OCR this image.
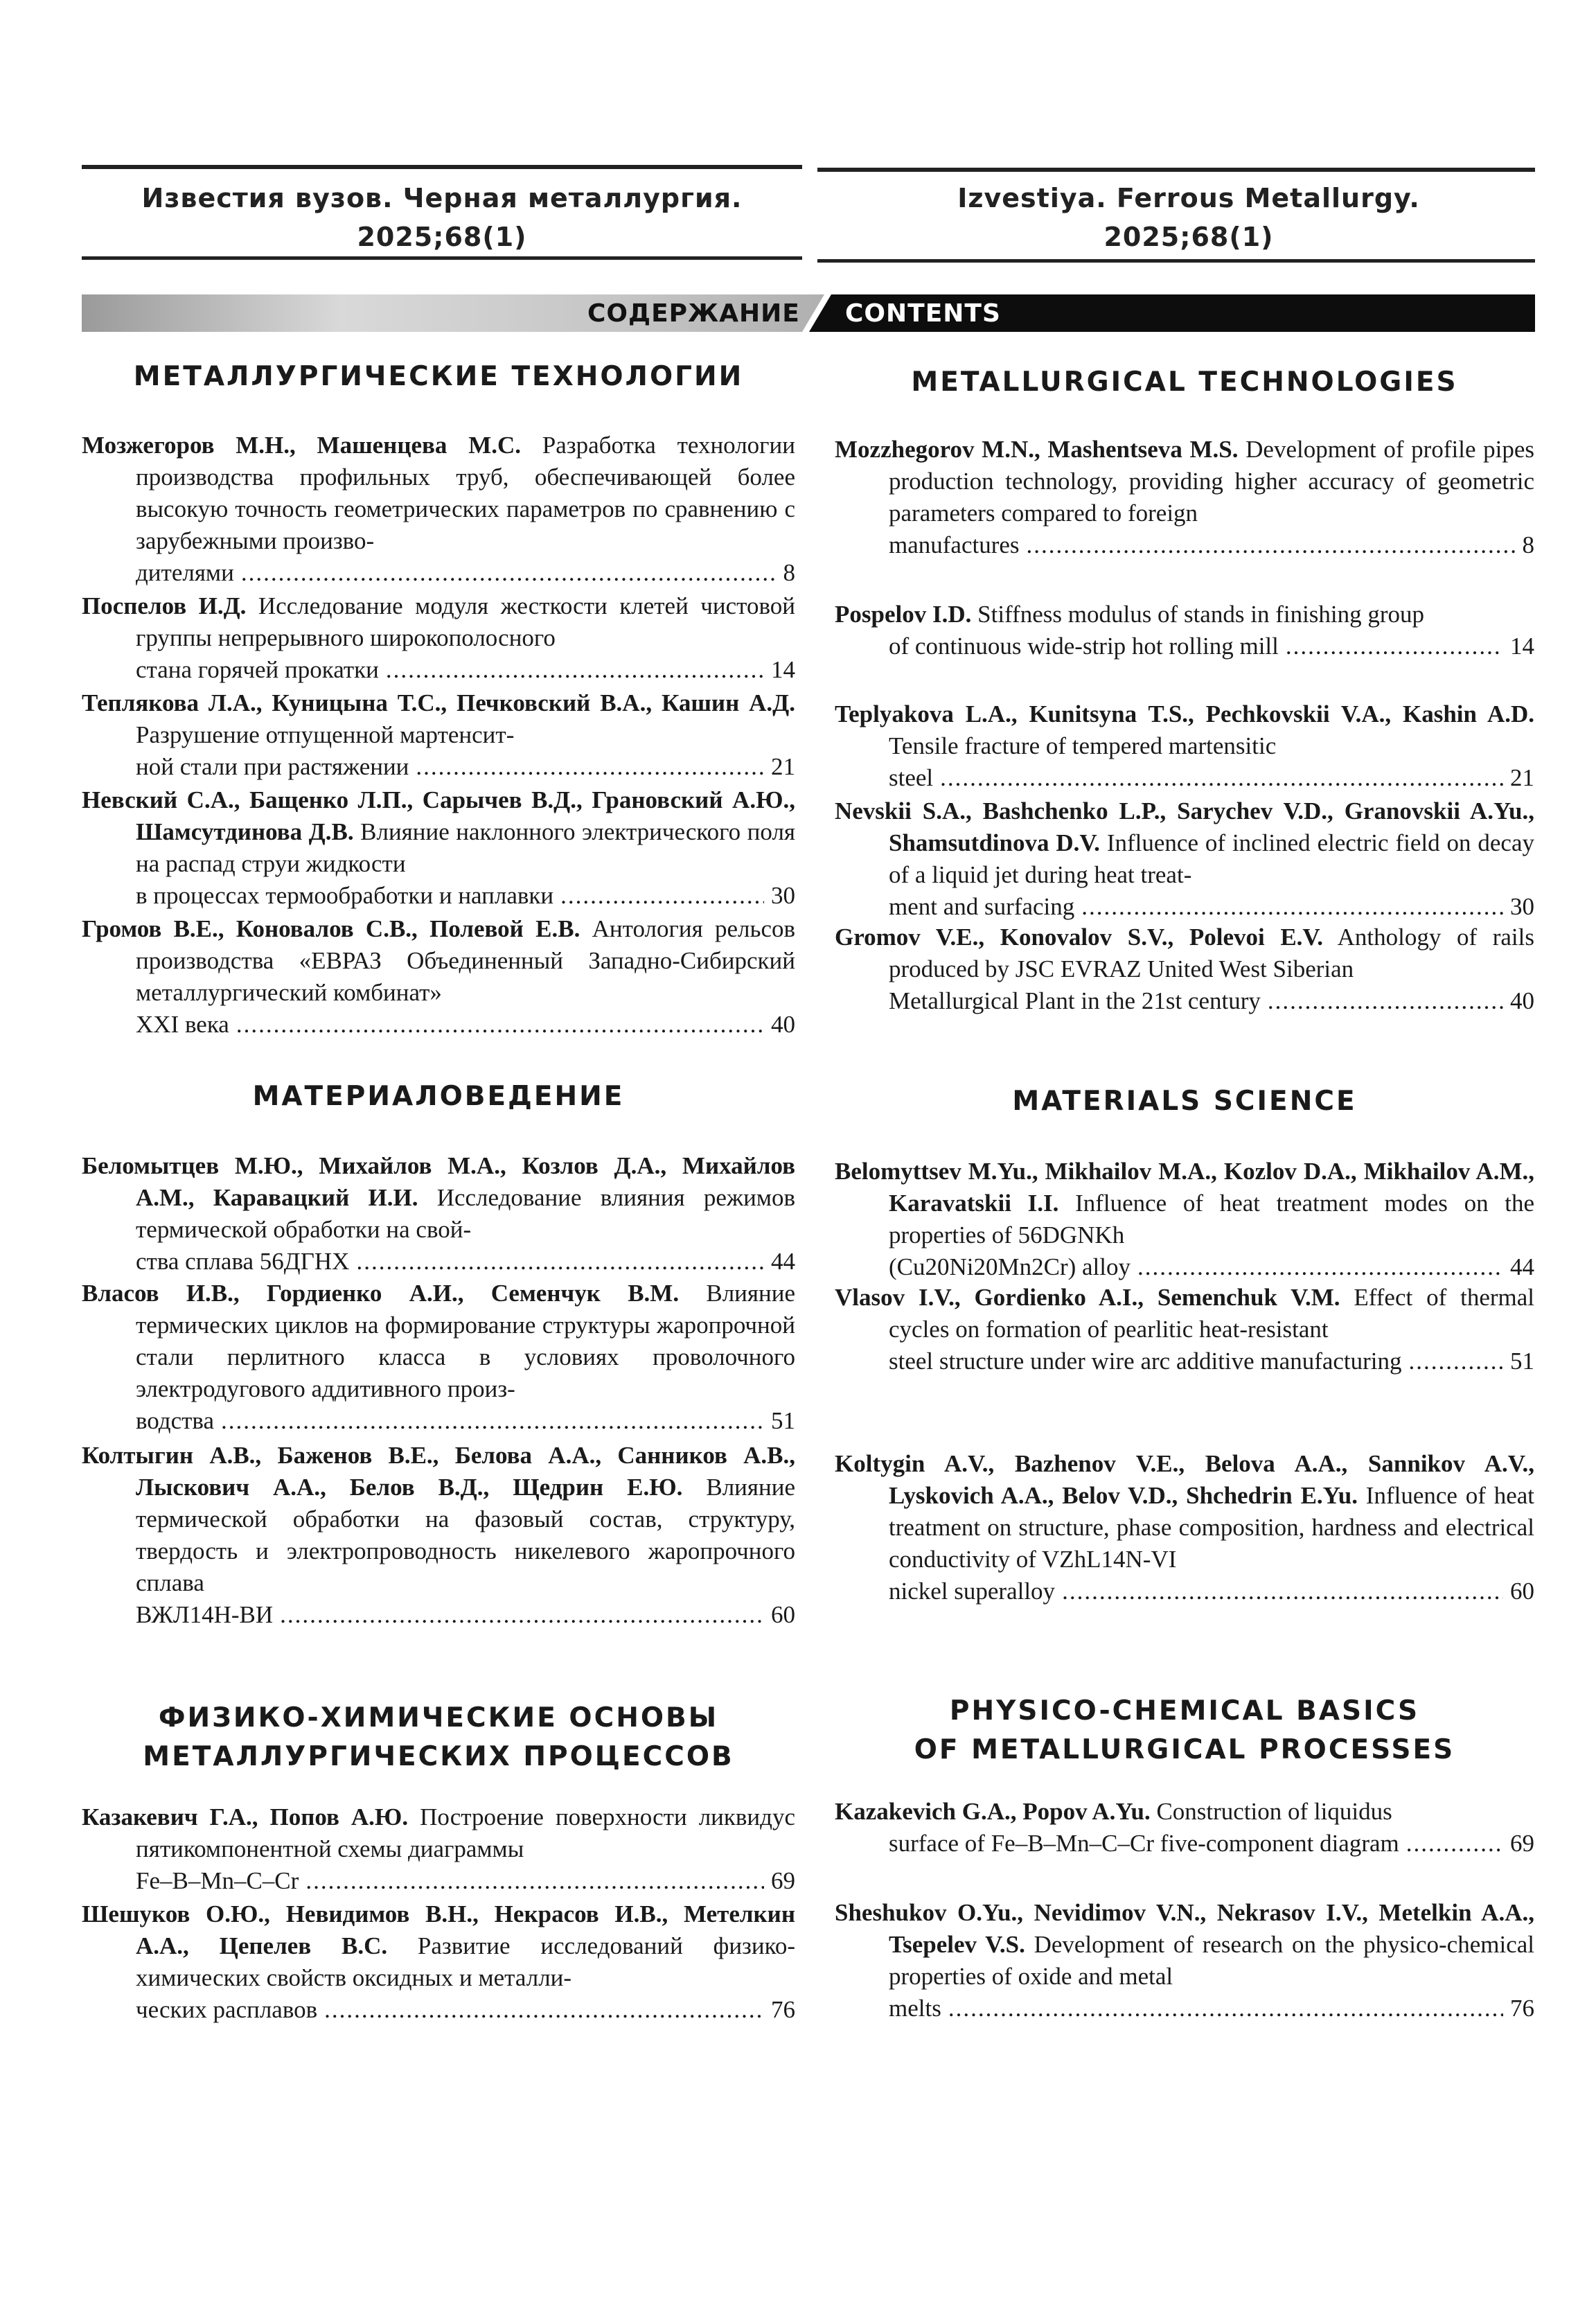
Известия вузов. Черная металлургия.
2025;68(1)
Izvestiya. Ferrous Metallurgy.
2025;68(1)
СОДЕРЖАНИЕ CONTENTS
МЕТАЛЛУРГИЧЕСКИЕ ТЕХНОЛОГИИ
Мозжегоров М.Н., Машенцева М.С. Разработка технологии производства профильных труб, обеспечивающей более высокую точность геометрических параметров по сравнению с зарубежными произво-
дителями .....	8
Поспелов И.Д. Исследование модуля жесткости клетей чистовой группы непрерывного широкополосного
стана горячей прокатки .....	14
Теплякова Л.А., Куницына Т.С., Печковский В.А., Кашин А.Д. Разрушение отпущенной мартенсит-
ной стали при растяжении .....	21
Невский С.А., Бащенко Л.П., Сарычев В.Д., Грановский А.Ю., Шамсутдинова Д.В. Влияние наклонного электрического поля на распад струи жидкости
в процессах термообработки и наплавки .....	30
Громов В.Е., Коновалов С.В., Полевой Е.В. Антология рельсов производства «ЕВРАЗ Объединенный Западно-Сибирский металлургический комбинат»
XXI века .....	40
МАТЕРИАЛОВЕДЕНИЕ
Беломытцев М.Ю., Михайлов М.А., Козлов Д.А., Михайлов А.М., Каравацкий И.И. Исследование влияния режимов термической обработки на свой-
ства сплава 56ДГНХ .....	44
Власов И.В., Гордиенко А.И., Семенчук В.М. Влияние термических циклов на формирование структуры жаропрочной стали перлитного класса в условиях проволочного электродугового аддитивного произ-
водства .....	51
Колтыгин А.В., Баженов В.Е., Белова А.А., Санников А.В., Лыскович А.А., Белов В.Д., Щедрин Е.Ю. Влияние термической обработки на фазовый состав, структуру, твердость и электропроводность никелевого жаропрочного сплава
ВЖЛ14Н-ВИ .....	60
ФИЗИКО-ХИМИЧЕСКИЕ ОСНОВЫ
МЕТАЛЛУРГИЧЕСКИХ ПРОЦЕССОВ
Казакевич Г.А., Попов А.Ю. Построение поверхности ликвидус пятикомпонентной схемы диаграммы
Fe–B–Mn–C–Cr .....	69
Шешуков О.Ю., Невидимов В.Н., Некрасов И.В., Метелкин А.А., Цепелев В.С. Развитие исследований физико-химических свойств оксидных и металли-
ческих расплавов .....	76
METALLURGICAL TECHNOLOGIES
Mozzhegorov M.N., Mashentseva M.S. Development of profile pipes production technology, providing higher accuracy of geometric parameters compared to foreign
manufactures .....	8
Pospelov I.D. Stiffness modulus of stands in finishing group
of continuous wide-strip hot rolling mill .....	14
Teplyakova L.A., Kunitsyna T.S., Pechkovskii V.A., Kashin A.D. Tensile fracture of tempered martensitic
steel .....	21
Nevskii S.A., Bashchenko L.P., Sarychev V.D., Granovskii A.Yu., Shamsutdinova D.V. Influence of inclined electric field on decay of a liquid jet during heat treat-
ment and surfacing .....	30
Gromov V.E., Konovalov S.V., Polevoi E.V. Anthology of rails produced by JSC EVRAZ United West Siberian
Metallurgical Plant in the 21st century .....	40
MATERIALS SCIENCE
Belomyttsev M.Yu., Mikhailov M.A., Kozlov D.A., Mikhailov A.M., Karavatskii I.I. Influence of heat treatment modes on the properties of 56DGNKh
(Cu20Ni20Mn2Cr) alloy .....	44
Vlasov I.V., Gordienko A.I., Semenchuk V.M. Effect of thermal cycles on formation of pearlitic heat-resistant
steel structure under wire arc additive manufacturing .....	51
Koltygin A.V., Bazhenov V.E., Belova A.A., Sannikov A.V., Lyskovich A.A., Belov V.D., Shchedrin E.Yu. Influence of heat treatment on structure, phase composition, hardness and electrical conductivity of VZhL14N-VI
nickel superalloy .....	60
PHYSICO-CHEMICAL BASICS
OF METALLURGICAL PROCESSES
Kazakevich G.A., Popov A.Yu. Construction of liquidus
surface of Fe–B–Mn–C–Cr five-component diagram .....	69
Sheshukov O.Yu., Nevidimov V.N., Nekrasov I.V., Metelkin A.A., Tsepelev V.S. Development of research on the physico-chemical properties of oxide and metal
melts .....	76
